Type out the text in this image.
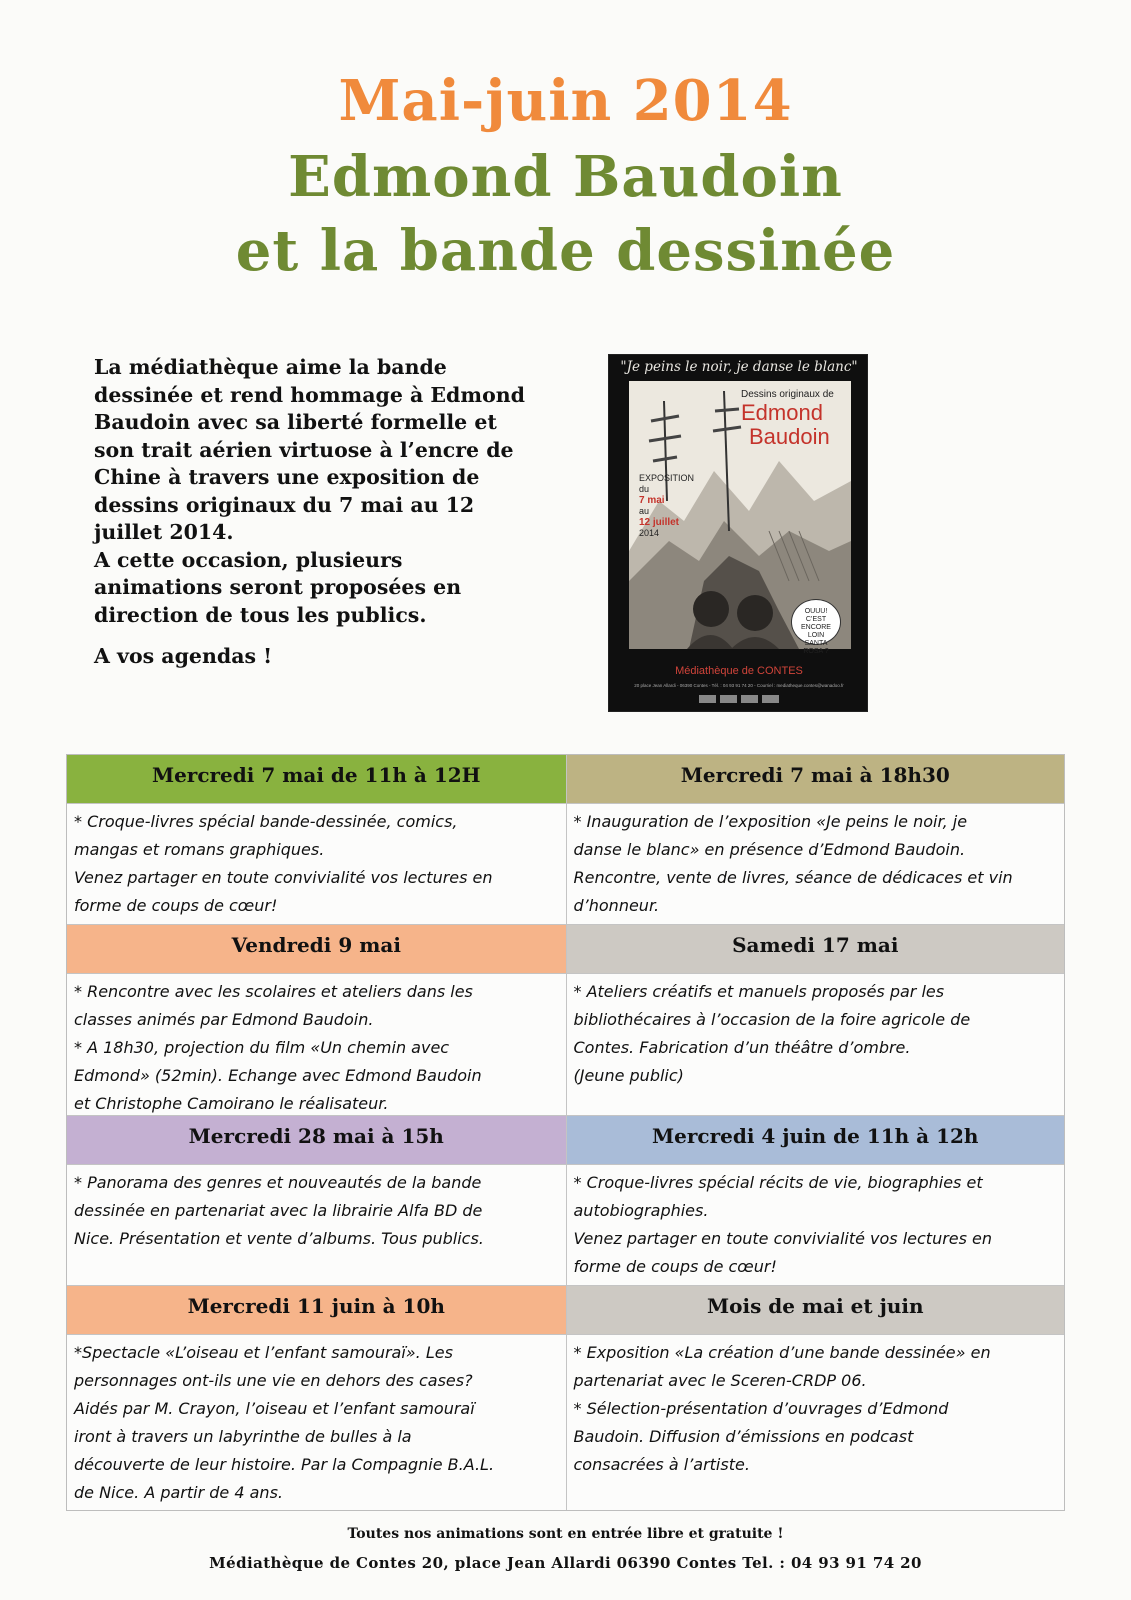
Mai-juin 2014
Edmond Baudoin
et la bande dessinée

La médiathèque aime la bande

dessinée et rend hommage à Edmond

Baudoin avec sa liberté formelle et

son trait aérien virtuose à l’encre de

Chine à travers une exposition de

dessins originaux du 7 mai au 12

juillet 2014.

A cette occasion, plusieurs

animations seront proposées en

direction de tous les publics.

A vos agendas !

"Je peins le noir, je danse le blanc"
Dessins originaux de
Edmond
Baudoin
EXPOSITION
du
7 mai
au
12 juillet
2014
OUUU!
C’EST ENCORE
LOIN
SANTA
ROSA ?
Médiathèque de CONTES
20 place Jean Allardi - 06390 Contes - Tél. : 04 93 91 74 20 - Courriel : mediatheque.contes@wanadoo.fr
Mercredi 7 mai de 11h à 12H

* Croque-livres spécial bande-dessinée, comics,

mangas et romans graphiques.

Venez partager en toute convivialité vos lectures en

forme de coups de cœur!

Mercredi 7 mai à 18h30

* Inauguration de l’exposition «Je peins le noir, je

danse le blanc» en présence d’Edmond Baudoin.

Rencontre, vente de livres, séance de dédicaces et vin

d’honneur.

Vendredi 9 mai

* Rencontre avec les scolaires et ateliers dans les

classes animés par Edmond Baudoin.

* A 18h30, projection du film «Un chemin avec

Edmond» (52min). Echange avec Edmond Baudoin

et Christophe Camoirano le réalisateur.

Samedi 17 mai

* Ateliers créatifs et manuels proposés par les

bibliothécaires à l’occasion de la foire agricole de

Contes. Fabrication d’un théâtre d’ombre.

(Jeune public)

Mercredi 28 mai à 15h

* Panorama des genres et nouveautés de la bande

dessinée en partenariat avec la librairie Alfa BD de

Nice. Présentation et vente d’albums. Tous publics.

Mercredi 4 juin de 11h à 12h

* Croque-livres spécial récits de vie, biographies et

autobiographies.

Venez partager en toute convivialité vos lectures en

forme de coups de cœur!

Mercredi 11 juin à 10h

*Spectacle «L’oiseau et l’enfant samouraï». Les

personnages ont-ils une vie en dehors des cases?

Aidés par M. Crayon, l’oiseau et l’enfant samouraï

iront à travers un labyrinthe de bulles à la

découverte de leur histoire. Par la Compagnie B.A.L.

de Nice. A partir de 4 ans.

Mois de mai et juin

* Exposition «La création d’une bande dessinée» en

partenariat avec le Sceren-CRDP 06.

* Sélection-présentation d’ouvrages d’Edmond

Baudoin. Diffusion d’émissions en podcast

consacrées à l’artiste.

Toutes nos animations sont en entrée libre et gratuite !
Médiathèque de Contes 20, place Jean Allardi 06390 Contes Tel. : 04 93 91 74 20
